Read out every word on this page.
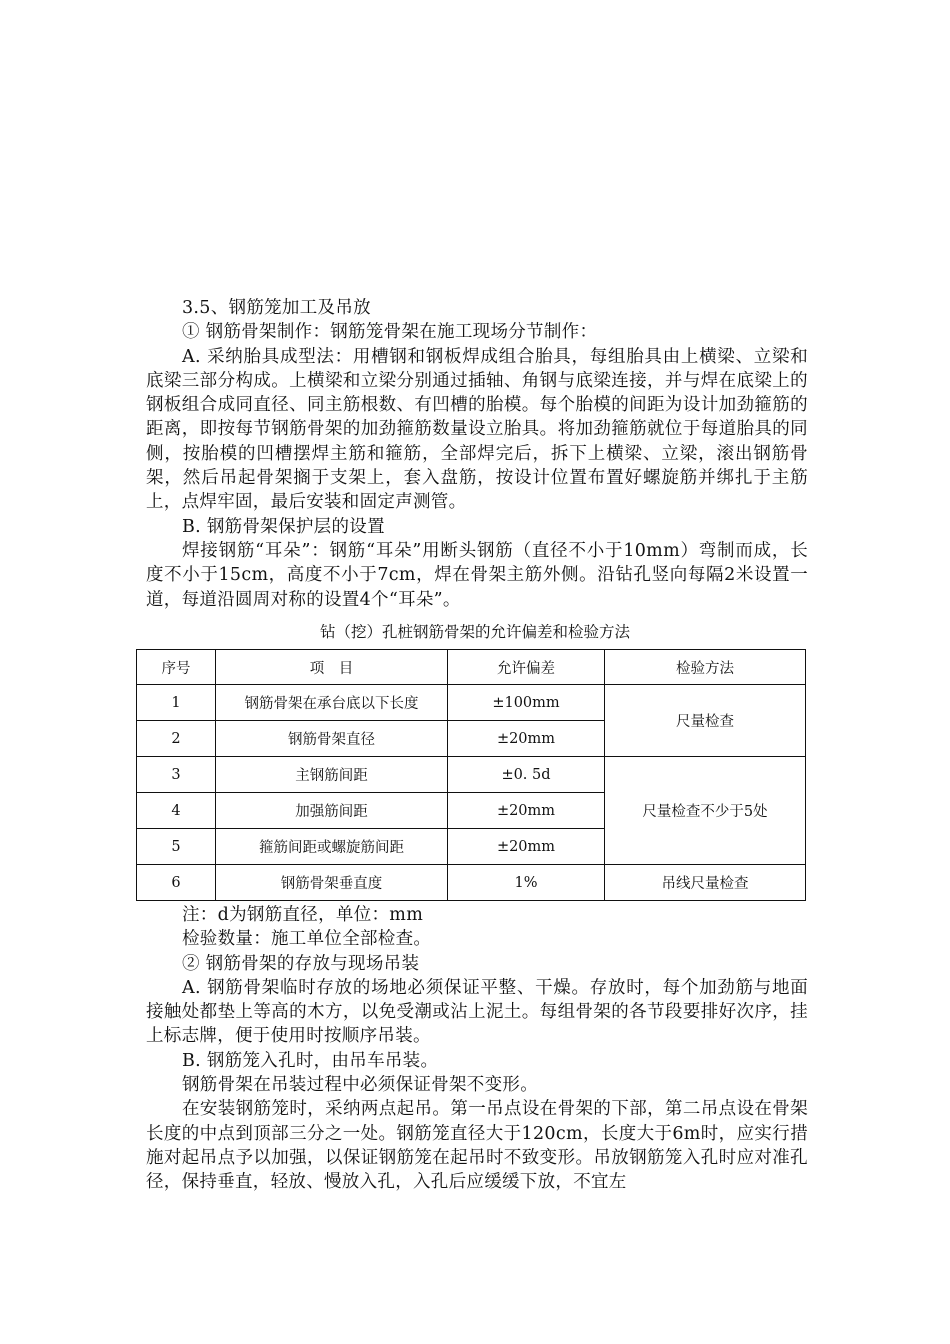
3.5、钢筋笼加工及吊放

① 钢筋骨架制作：钢筋笼骨架在施工现场分节制作：

A. 采纳胎具成型法：用槽钢和钢板焊成组合胎具，每组胎具由上横梁、立梁和底梁三部分构成。上横梁和立梁分别通过插轴、角钢与底梁连接，并与焊在底梁上的钢板组合成同直径、同主筋根数、有凹槽的胎模。每个胎模的间距为设计加劲箍筋的距离，即按每节钢筋骨架的加劲箍筋数量设立胎具。将加劲箍筋就位于每道胎具的同侧，按胎模的凹槽摆焊主筋和箍筋，全部焊完后，拆下上横梁、立梁，滚出钢筋骨架，然后吊起骨架搁于支架上，套入盘筋，按设计位置布置好螺旋筋并绑扎于主筋上，点焊牢固，最后安装和固定声测管。

B. 钢筋骨架保护层的设置

焊接钢筋“耳朵”：钢筋“耳朵”用断头钢筋（直径不小于10mm）弯制而成，长度不小于15cm，高度不小于7cm，焊在骨架主筋外侧。沿钻孔竖向每隔2米设置一道，每道沿圆周对称的设置4个“耳朵”。

钻（挖）孔桩钢筋骨架的允许偏差和检验方法
序号	项　目	允许偏差	检验方法
1	钢筋骨架在承台底以下长度	±100mm	尺量检查
2	钢筋骨架直径	±20mm	
3	主钢筋间距	±0. 5d	尺量检查不少于5处
4	加强筋间距	±20mm	
5	箍筋间距或螺旋筋间距	±20mm	
6	钢筋骨架垂直度	1%	吊线尺量检查

注：d为钢筋直径，单位：mm

检验数量：施工单位全部检查。

② 钢筋骨架的存放与现场吊装

A. 钢筋骨架临时存放的场地必须保证平整、干燥。存放时，每个加劲筋与地面接触处都垫上等高的木方，以免受潮或沾上泥土。每组骨架的各节段要排好次序，挂上标志牌，便于使用时按顺序吊装。

B. 钢筋笼入孔时，由吊车吊装。

钢筋骨架在吊装过程中必须保证骨架不变形。

在安装钢筋笼时，采纳两点起吊。第一吊点设在骨架的下部，第二吊点设在骨架长度的中点到顶部三分之一处。钢筋笼直径大于120cm，长度大于6m时，应实行措施对起吊点予以加强，以保证钢筋笼在起吊时不致变形。吊放钢筋笼入孔时应对准孔径，保持垂直，轻放、慢放入孔，入孔后应缓缓下放，不宜左
